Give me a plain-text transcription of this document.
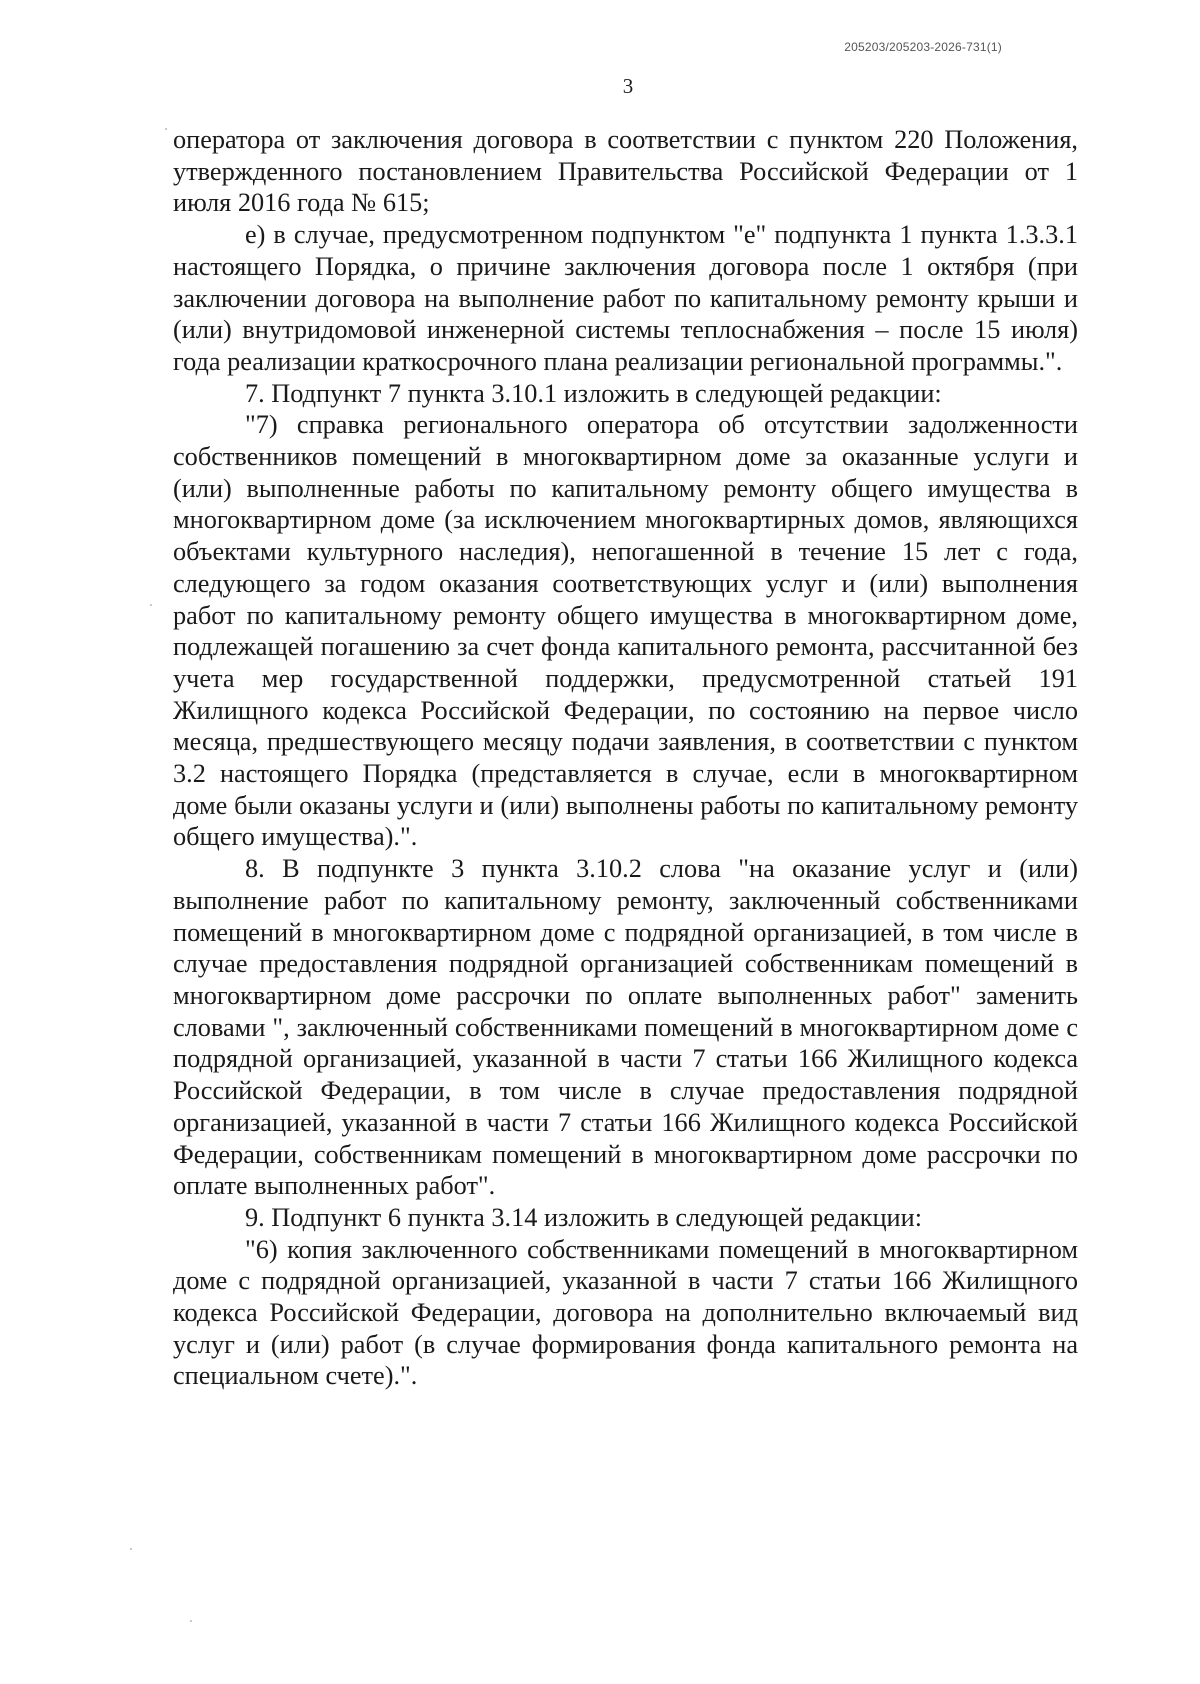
205203/205203-2026-731(1)
3

оператора от заключения договора в соответствии с пунктом 220 Положения, утвержденного постановлением Правительства Российской Федерации от 1 июля 2016 года № 615;

е) в случае, предусмотренном подпунктом "е" подпункта 1 пункта 1.3.3.1 настоящего Порядка, о причине заключения договора после 1 октября (при заключении договора на выполнение работ по капитальному ремонту крыши и (или) внутридомовой инженерной системы теплоснабжения – после 15 июля) года реализации краткосрочного плана реализации региональной программы.".

7. Подпункт 7 пункта 3.10.1 изложить в следующей редакции:

"7) справка регионального оператора об отсутствии задолженности собственников помещений в многоквартирном доме за оказанные услуги и (или) выполненные работы по капитальному ремонту общего имущества в многоквартирном доме (за исключением многоквартирных домов, являющихся объектами культурного наследия), непогашенной в течение 15 лет с года, следующего за годом оказания соответствующих услуг и (или) выполнения работ по капитальному ремонту общего имущества в многоквартирном доме, подлежащей погашению за счет фонда капитального ремонта, рассчитанной без учета мер государственной поддержки, предусмотренной статьей 191 Жилищного кодекса Российской Федерации, по состоянию на первое число месяца, предшествующего месяцу подачи заявления, в соответствии с пунктом 3.2 настоящего Порядка (представляется в случае, если в многоквартирном доме были оказаны услуги и (или) выполнены работы по капитальному ремонту общего имущества).".

8. В подпункте 3 пункта 3.10.2 слова "на оказание услуг и (или) выполнение работ по капитальному ремонту, заключенный собственниками помещений в многоквартирном доме с подрядной организацией, в том числе в случае предоставления подрядной организацией собственникам помещений в многоквартирном доме рассрочки по оплате выполненных работ" заменить словами ", заключенный собственниками помещений в многоквартирном доме с подрядной организацией, указанной в части 7 статьи 166 Жилищного кодекса Российской Федерации, в том числе в случае предоставления подрядной организацией, указанной в части 7 статьи 166 Жилищного кодекса Российской Федерации, собственникам помещений в многоквартирном доме рассрочки по оплате выполненных работ".

9. Подпункт 6 пункта 3.14 изложить в следующей редакции:

"6) копия заключенного собственниками помещений в многоквартирном доме с подрядной организацией, указанной в части 7 статьи 166 Жилищного кодекса Российской Федерации, договора на дополнительно включаемый вид услуг и (или) работ (в случае формирования фонда капитального ремонта на специальном счете).".
